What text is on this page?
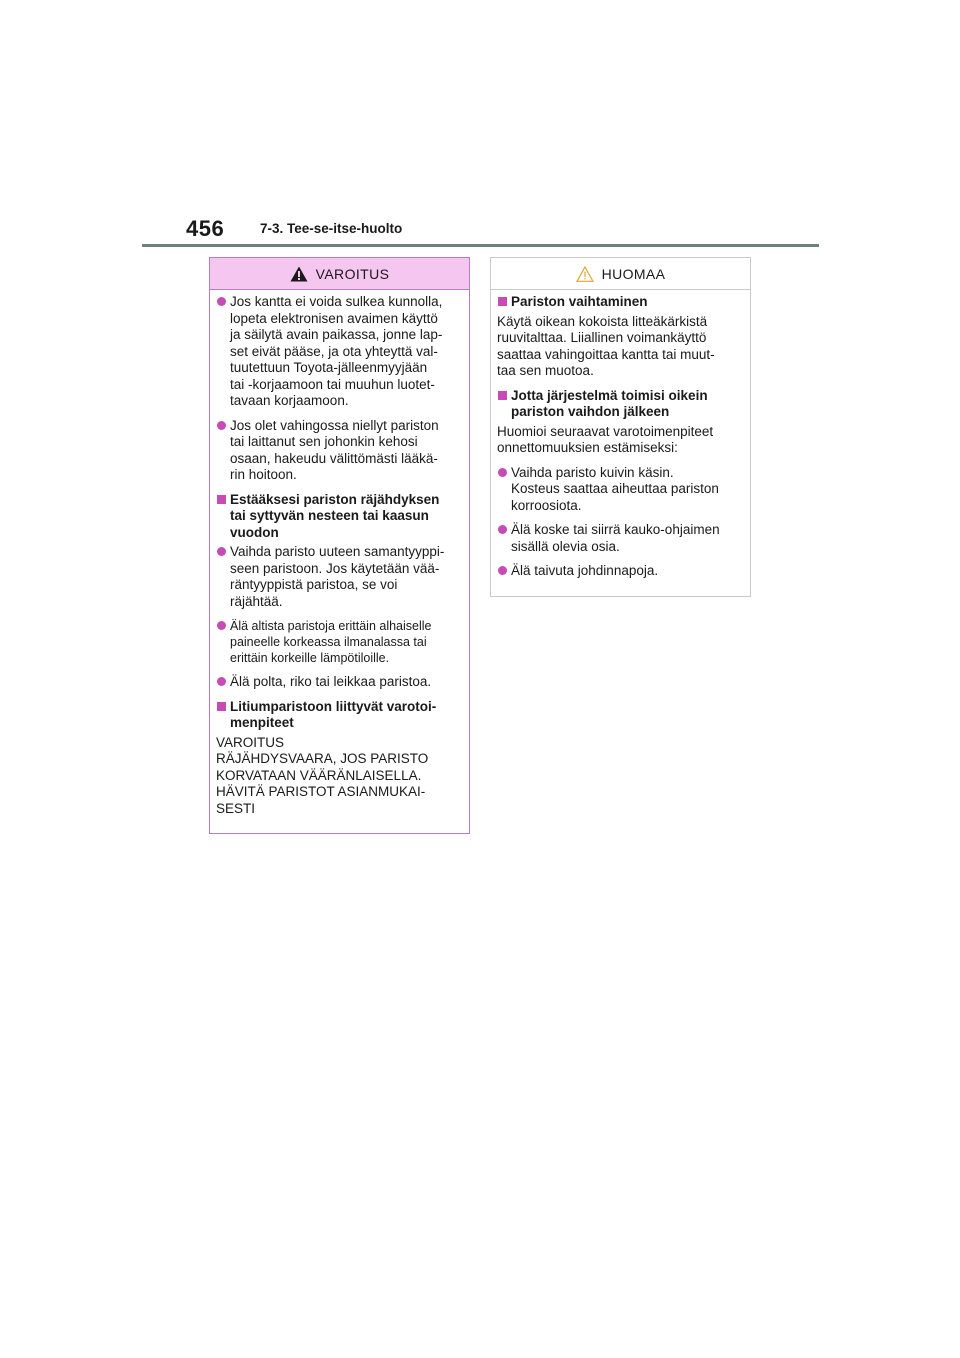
456	7-3. Tee-se-itse-huolto
VAROITUS
Jos kantta ei voida sulkea kunnolla,
lopeta elektronisen avaimen käyttö
ja säilytä avain paikassa, jonne lap-
set eivät pääse, ja ota yhteyttä val-
tuutettuun Toyota-jälleenmyyjään
tai -korjaamoon tai muuhun luotet-
tavaan korjaamoon.
Jos olet vahingossa niellyt pariston
tai laittanut sen johonkin kehosi
osaan, hakeudu välittömästi lääkä-
rin hoitoon.
Estääksesi pariston räjähdyksen
tai syttyvän nesteen tai kaasun
vuodon
Vaihda paristo uuteen samantyyppi-
seen paristoon. Jos käytetään vää-
räntyyppistä paristoa, se voi
räjähtää.
Älä altista paristoja erittäin alhaiselle
paineelle korkeassa ilmanalassa tai
erittäin korkeille lämpötiloille.
Älä polta, riko tai leikkaa paristoa.
Litiumparistoon liittyvät varotoi-
menpiteet
VAROITUS
RÄJÄHDYSVAARA, JOS PARISTO
KORVATAAN VÄÄRÄNLAISELLA.
HÄVITÄ PARISTOT ASIANMUKAI-
SESTI
HUOMAA
Pariston vaihtaminen
Käytä oikean kokoista litteäkärkistä
ruuvitalttaa. Liiallinen voimankäyttö
saattaa vahingoittaa kantta tai muut-
taa sen muotoa.
Jotta järjestelmä toimisi oikein
pariston vaihdon jälkeen
Huomioi seuraavat varotoimenpiteet
onnettomuuksien estämiseksi:
Vaihda paristo kuivin käsin.
Kosteus saattaa aiheuttaa pariston
korroosiota.
Älä koske tai siirrä kauko-ohjaimen
sisällä olevia osia.
Älä taivuta johdinnapoja.
